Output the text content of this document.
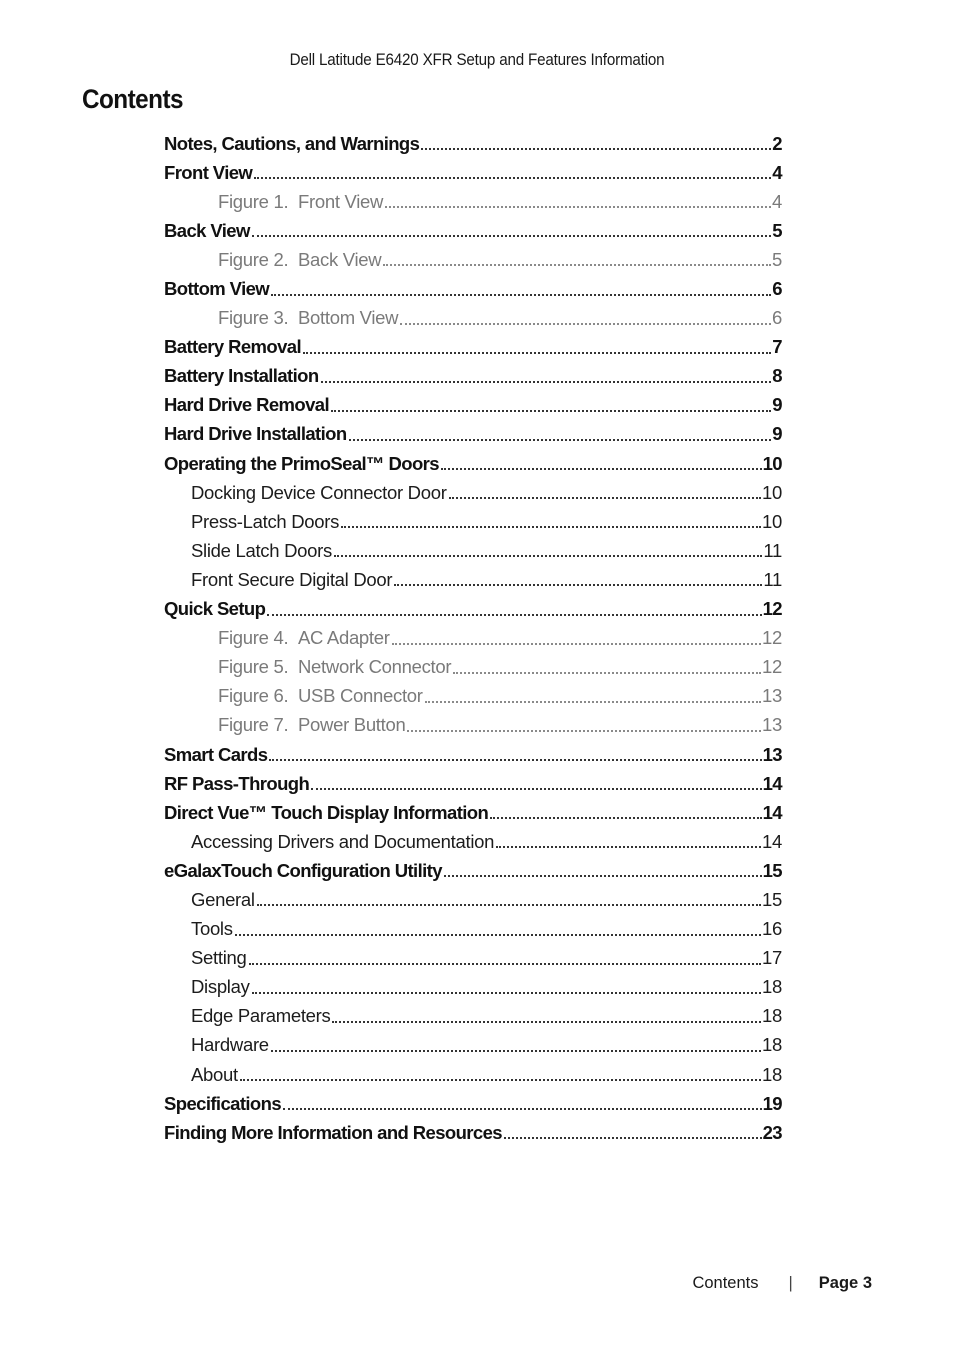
Dell Latitude E6420 XFR Setup and Features Information
Contents
Notes, Cautions, and Warnings	2
Front View	4
Figure 1. Front View	4
Back View	5
Figure 2. Back View	5
Bottom View	6
Figure 3. Bottom View	6
Battery Removal	7
Battery Installation	8
Hard Drive Removal	9
Hard Drive Installation	9
Operating the PrimoSeal™ Doors	10
Docking Device Connector Door	10
Press-Latch Doors	10
Slide Latch Doors	11
Front Secure Digital Door	11
Quick Setup	12
Figure 4. AC Adapter	12
Figure 5. Network Connector	12
Figure 6. USB Connector	13
Figure 7. Power Button	13
Smart Cards	13
RF Pass-Through	14
Direct Vue™ Touch Display Information	14
Accessing Drivers and Documentation	14
eGalaxTouch Configuration Utility	15
General	15
Tools	16
Setting	17
Display	18
Edge Parameters	18
Hardware	18
About	18
Specifications	19
Finding More Information and Resources	23
Contents | Page 3
